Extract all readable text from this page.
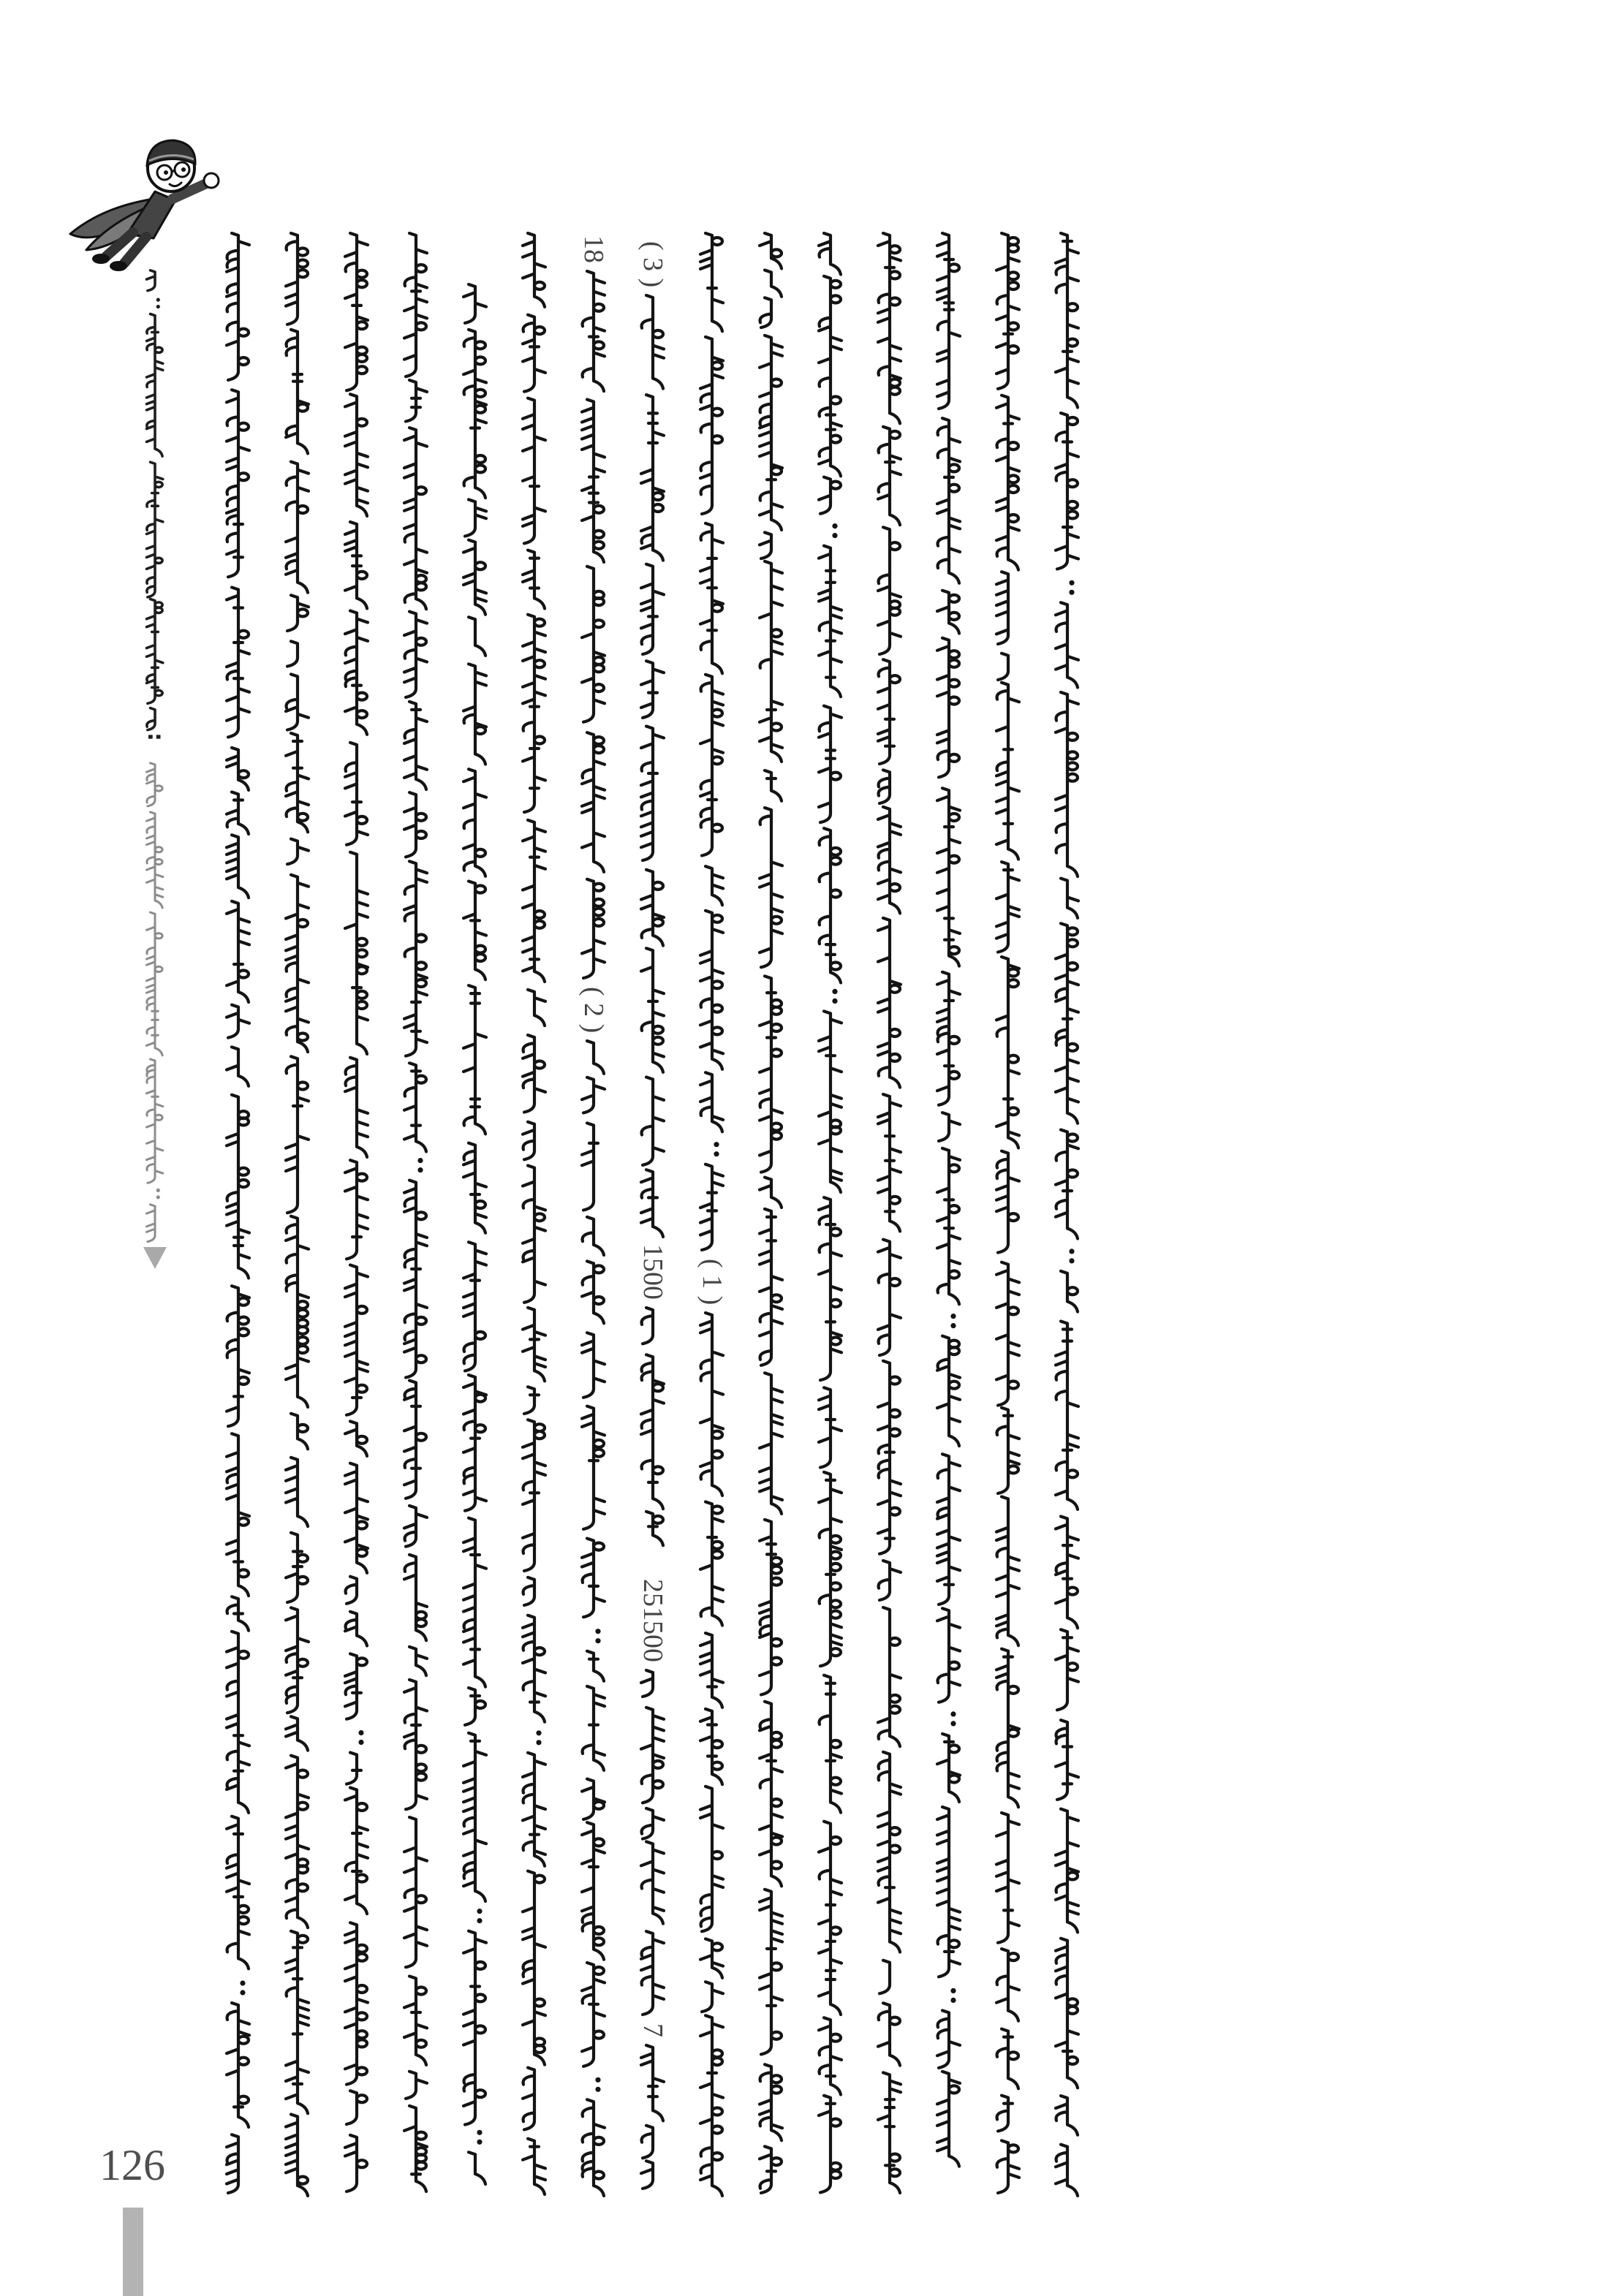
:
18
( 2 )
( 3 )
1500
251500
7
( 1 )
126
